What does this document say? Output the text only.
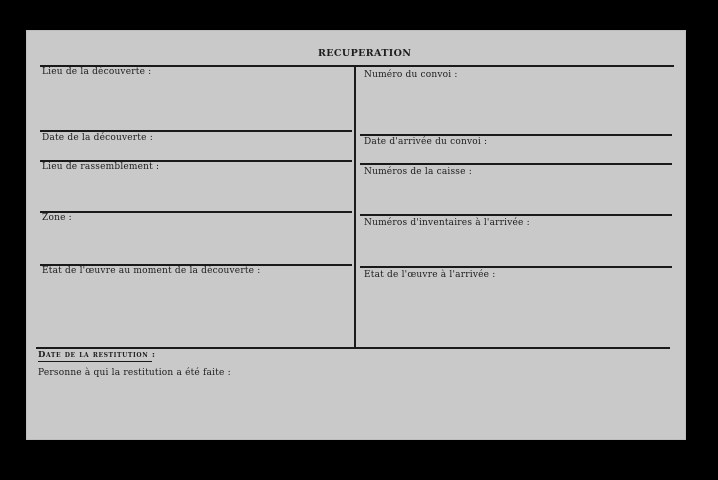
RECUPERATION
Lieu de la découverte :
Date de la découverte :
Lieu de rassemblement :
Zone :
Etat de l'œuvre au moment de la découverte :
Numéro du convoi :
Date d'arrivée du convoi :
Numéros de la caisse :
Numéros d'inventaires à l'arrivée :
Etat de l'œuvre à l'arrivée :
Date de la restitution :
Personne à qui la restitution a été faite :
